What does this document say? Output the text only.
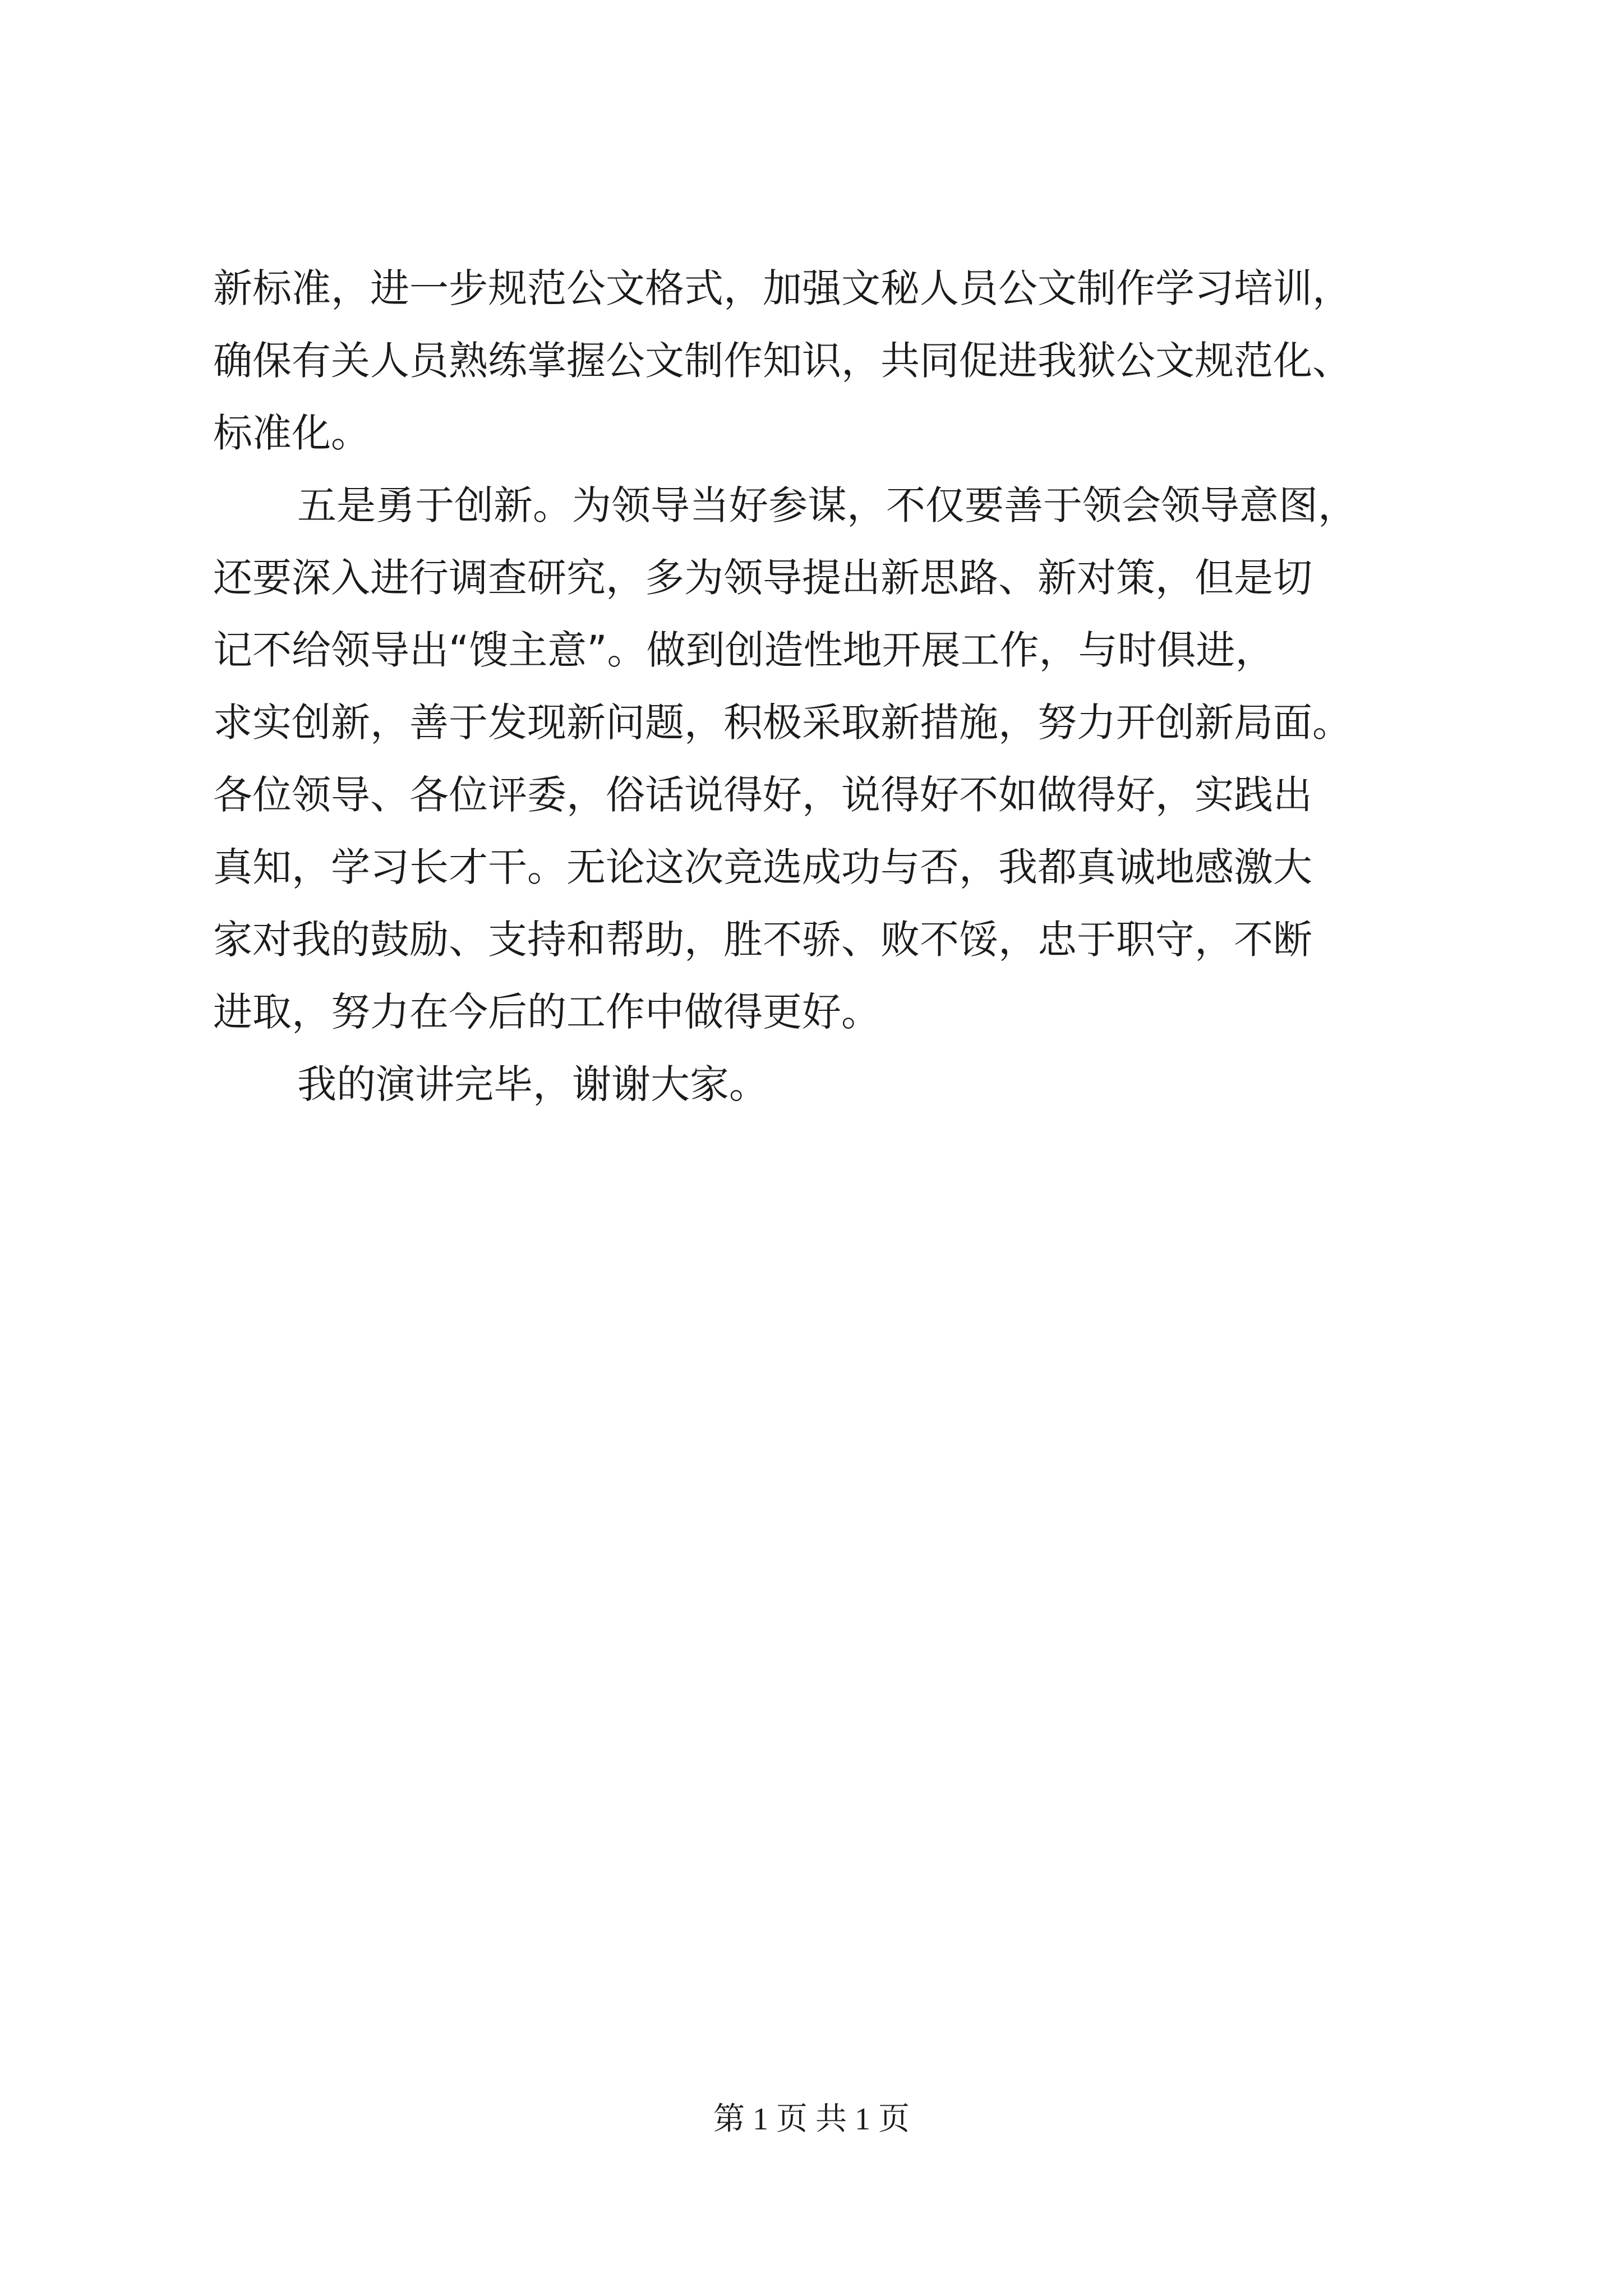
新标准，进一步规范公文格式，加强文秘人员公文制作学习培训，
确保有关人员熟练掌握公文制作知识，共同促进我狱公文规范化、
标准化。
五是勇于创新。为领导当好参谋，不仅要善于领会领导意图，
还要深入进行调查研究，多为领导提出新思路、新对策，但是切
记不给领导出“馊主意”。做到创造性地开展工作，与时俱进，
求实创新，善于发现新问题，积极采取新措施，努力开创新局面。
各位领导、各位评委，俗话说得好，说得好不如做得好，实践出
真知，学习长才干。无论这次竞选成功与否，我都真诚地感激大
家对我的鼓励、支持和帮助，胜不骄、败不馁，忠于职守，不断
进取，努力在今后的工作中做得更好。
我的演讲完毕，谢谢大家。
第 1 页 共 1 页
